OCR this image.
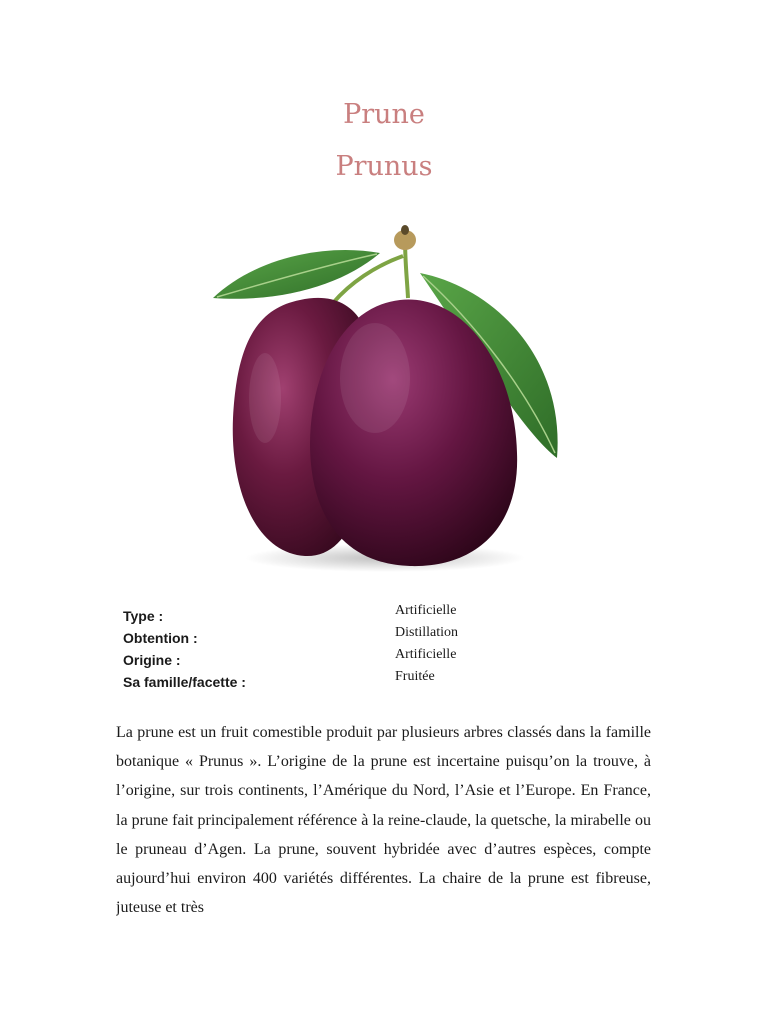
Prune
Prunus
Type :
Obtention :
Origine :
Sa famille/facette :
Artificielle
Distillation
Artificielle
Fruitée

La prune est un fruit comestible produit par plusieurs arbres classés dans la famille botanique « Prunus ». L’origine de la prune est incertaine puisqu’on la trouve, à l’origine, sur trois continents, l’Amérique du Nord, l’Asie et l’Europe. En France, la prune fait principalement référence à la reine-claude, la quetsche, la mirabelle ou le pruneau d’Agen. La prune, souvent hybridée avec d’autres espèces, compte aujourd’hui environ 400 variétés différentes. La chaire de la prune est fibreuse, juteuse et très
